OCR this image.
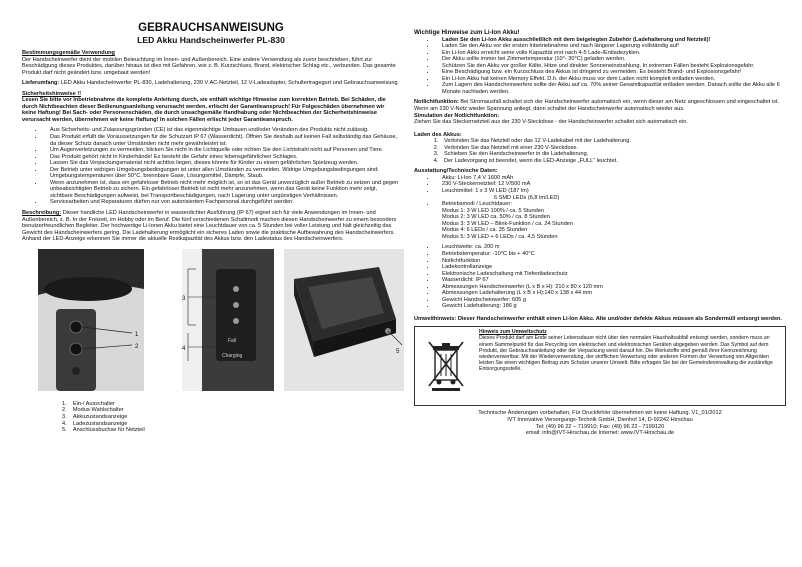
GEBRAUCHSANWEISUNG
LED Akku Handscheinwerfer PL-830
Bestimmungsgemäße Verwendung

Der Handscheinwerfer dient der mobilen Beleuchtung im Innen- und Außenbereich. Eine andere Verwendung als zuvor beschrieben, führt zur Beschädigung dieses Produktes, darüber hinaus ist dies mit Gefahren, wie z. B. Kurzschluss, Brand, elektrischer Schlag etc., verbunden. Das gesamte Produkt darf nicht geändert bzw. umgebaut werden!

Lieferumfang: LED Akku Handscheinwerfer PL-830, Ladehalterung, 230 V AC-Netzteil, 12 V-Ladeadapter, Schultertragegurt und Gebrauchsanweisung

Sicherheitshinweise !!

Lesen Sie bitte vor Inbetriebnahme die komplette Anleitung durch, sie enthält wichtige Hinweise zum korrekten Betrieb. Bei Schäden, die durch Nichtbeachten dieser Bedienungsanleitung verursacht werden, erlischt der Garantieanspruch! Für Folgeschäden übernehmen wir keine Haftung! Bei Sach- oder Personenschäden, die durch unsachgemäße Handhabung oder Nichtbeachten der Sicherheitshinweise verursacht werden, übernehmen wir keine Haftung! In solchen Fällen erlischt jeder Garantieanspruch.

• Aus Sicherheits- und Zulassungsgründen (CE) ist das eigenmächtige Umbauen und/oder Verändern des Produkts nicht zulässig.
• Das Produkt erfüllt die Voraussetzungen für die Schutzart IP 67 (Wasserdicht). Öffnen Sie deshalb auf keinen Fall selbständig das Gehäuse, da dieser Schutz danach unter Umständen nicht mehr gewährleistet ist.
• Um Augenverletzungen zu vermeiden, blicken Sie nicht in die Lichtquelle oder richten Sie den Lichtstrahl nicht auf Personen und Tiere.
• Das Produkt gehört nicht in Kinderhände! Es besteht die Gefahr eines lebensgefährlichen Schlages.
• Lassen Sie das Verpackungsmaterial nicht achtlos liegen, dieses könnte für Kinder zu einem gefährlichen Spielzeug werden.
• Der Betrieb unter widrigen Umgebungsbedingungen ist unter allen Umständen zu vermeiden. Widrige Umgebungsbedingungen sind: Umgebungstemperaturen über 50°C, brennbare Gase, Lösungsmittel, Dämpfe, Staub.
• Wenn anzunehmen ist, dass ein gefahrloser Betrieb nicht mehr möglich ist, so ist das Gerät unverzüglich außer Betrieb zu setzen und gegen unbeabsichtigten Betrieb zu sichern. Ein gefahrloser Betrieb ist nicht mehr anzunehmen, wenn das Gerät keine Funktion mehr zeigt, sichtbare Beschädigungen aufweist, bei Transportbeschädigungen, nach Lagerung unter ungünstigen Verhältnissen.
• Servicearbeiten und Reparaturen dürfen nur von autorisiertem Fachpersonal durchgeführt werden.

Beschreibung: Dieser handliche LED Handscheinwerfer in wasserdichter Ausführung (IP 67) eignet sich für viele Anwendungen im Innen- und Außenbereich, z. B. In der Freizeit, im Hobby oder im Beruf. Die fünf verschiedenen Schaltmodi machen diesen Handscheinwerfer zu einem besonders benutzerfreundlichen Begleiter. Der hochwertige Li-Ionen Akku bietet eine Leuchtdauer von ca. 5 Stunden bei voller Leistung und hält gleichzeitig das Gewicht des Handscheinwerfers gering. Die Ladehalterung ermöglicht ein sicheres Laden sowie die praktische Aufbewahrung des Handscheinwerfers. Anhand der LED-Anzeige erkennen Sie immer die aktuelle Restkapazität des Akkus bzw. den Ladestatus des Handscheinwerfers.

1
2
Fall
Charging
3
4	5
1. Ein-/ Ausschalter
2. Modus-Wahlschalter
3. Akkuzustandsanzeige
4. Ladezustandsanzeige
5. Anschlussbuchse für Netzteil
Wichtige Hinweise zum Li-Ion Akku!
• Laden Sie den Li-Ion Akku ausschließlich mit dem beigelegten Zubehör (Ladehalterung und Netzteil)!
• Laden Sie den Akku vor der ersten Inbetriebnahme und nach längerer Lagerung vollständig auf!
• Ein Li-Ion Akku erreicht seine volle Kapazität erst nach 4-5 Lade-/Entladezyklen.
• Der Akku sollte immer bei Zimmertemperatur (10°- 30°C) geladen werden.
• Schützen Sie den Akku vor großer Kälte, Hitze und direkter Sonneneinstrahlung. In extremen Fällen besteht Explosionsgefahr.
• Eine Beschädigung bzw. ein Kurzschluss des Akkus ist dringend zu vermeiden. Es besteht Brand- und Explosionsgefahr!
• Ein Li-Ion Akku hat keinen Memory Effekt. D.h. der Akku muss vor dem Laden nicht komplett entladen werden.
• Zum Lagern des Handscheinwerfers sollte der Akku auf ca. 70% seiner Gesamtkapazität entladen werden. Danach sollte der Akku alle 6 Monate nachladen werden.

Notlichtfunktion: Bei Stromausfall schaltet sich der Handscheinwerfer automatisch ein, wenn dieser am Netz angeschlossen und eingeschaltet ist. Wenn am 230 V-Netz wieder Spannung anliegt, dann schaltet der Handscheinwerfer automatisch wieder aus.

Simulation der Notlichtfunktion:

Ziehen Sie das Steckernetzteil aus der 230 V-Steckdose - der Handscheinwerfer schaltet sich automatisch ein.

Laden des Akkus:
1. Verbinden Sie das Netzteil oder das 12 V-Ladekabel mit der Ladehalterung.
2. Verbinden Sie das Netzteil mit einer 230 V-Steckdose.
3. Schieben Sie den Handscheinwerfer in die Ladehalterung.
4. Der Ladevorgang ist beendet, wenn die LED-Anzeige „FULL“ leuchtet.
Ausstattung/Technische Daten:
• Akku: Li-Ion 7,4 V 1600 mAh
• 230 V-Steckernetzteil: 12 V/500 mA
• Leuchtmittel: 1 x 3 W LED (187 lm)
6 SMD LEDs (6,8 lm/LED)
• Betriebsmodi / Leuchtdauer:
Modus 1: 3 W LED 100% / ca. 5 Stunden
Modus 2: 3 W LED ca. 50% / ca. 8 Stunden
Modus 3: 3 W LED – Blink-Funktion / ca. 24 Stunden
Modus 4: 6 LEDs / ca. 35 Stunden
Modus 5: 3 W LED + 6 LEDs / ca. 4,5 Stunden
• Leuchtweite: ca. 200 m
• Betriebstemperatur: -10°C bis + 40°C
• Notlichtfunktion
• Ladekontrollanzeige
• Elektronische Ladeschaltung mit Tiefentladeschutz
• Wasserdicht: IP 67
• Abmessungen Handscheinwerfer (L x B x H): 210 x 80 x 120 mm
• Abmessungen Ladehalterung (L x B x H):140 x 138 x 44 mm
• Gewicht Handscheinwerfer: 605 g
• Gewicht Ladehalterung: 186 g

Umwelthinweis: Dieser Handscheinwerfer enthält einen Li-Ion Akku. Alte und/oder defekte Akkus müssen als Sondermüll entsorgt werden.

Hinweis zum Umweltschutz
Dieses Produkt darf am Ende seiner Lebensdauer nicht über den normalen Haushaltsabfall entsorgt werden, sondern muss an einem Sammelpunkt für das Recycling von elektrischen und elektronischen Geräten abgegeben werden. Das Symbol auf dem Produkt, der Gebrauchsanleitung oder der Verpackung weist darauf hin. Die Werkstoffe sind gemäß ihrer Kennzeichnung wiederverwertbar. Mit der Wiederverwendung, der stofflichen Verwertung oder anderen Formen der Verwertung von Altgeräten leisten Sie einen wichtigen Beitrag zum Schutze unserer Umwelt. Bitte erfragen Sie bei der Gemeindeverwaltung die zuständige Entsorgungsstelle.
Technische Änderungen vorbehalten, Für Druckfehler übernehmen wir keine Haftung. V1_01/2012
IVT Innovative Versorgungs-Technik GmbH, Dienhof 14, D-92242 Hirschau
Tel: (49) 96 22 – 719910; Fax: (49) 96 22 - 7199120
email: info@IVT-Hirschau.de Internet: www.IVT-Hirschau.de
